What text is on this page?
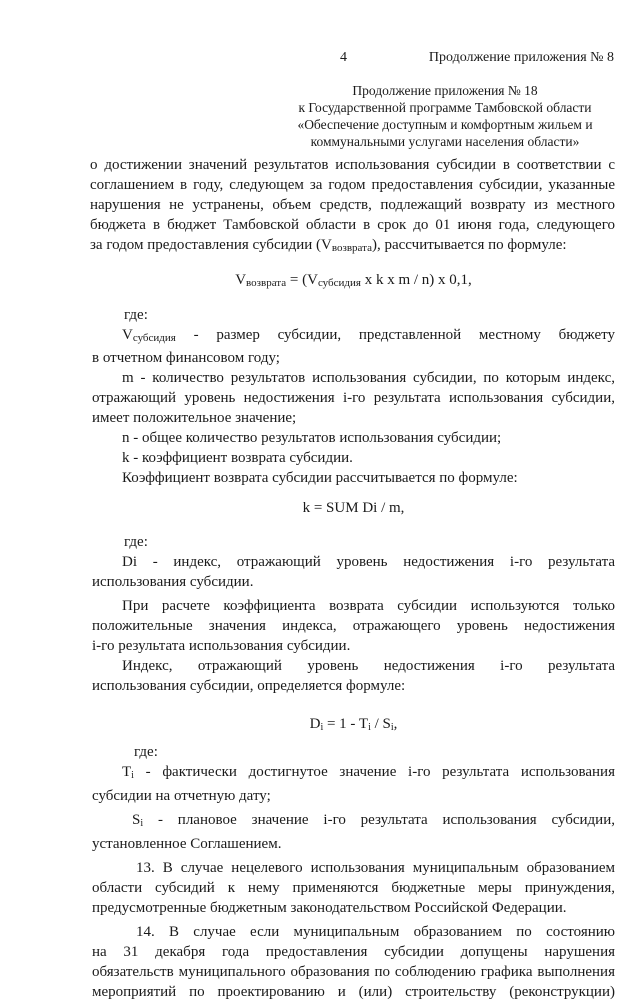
4	Продолжение приложения № 8
Продолжение приложения № 18
к Государственной программе Тамбовской области
«Обеспечение доступным и комфортным жильем и
коммунальными услугами населения области»
о достижении значений результатов использования субсидии в соответствии с
соглашением в году, следующем за годом предоставления субсидии, указанные
нарушения не устранены, объем средств, подлежащий возврату из местного
бюджета в бюджет Тамбовской области в срок до 01 июня года, следующего
за годом предоставления субсидии $(V_{возврата})$, рассчитывается по формуле:
$V_{возврата} = (V_{субсидия}$ x k x m / n) x 0,1,
где:
$V_{субсидия}$ - размер субсидии, представленной местному бюджету
в отчетном финансовом году;
m - количество результатов использования субсидии, по которым индекс,
отражающий уровень недостижения i-го результата использования субсидии,
имеет положительное значение;
n - общее количество результатов использования субсидии;
k - коэффициент возврата субсидии.
Коэффициент возврата субсидии рассчитывается по формуле:
k = SUM Di / m,
где:
Di - индекс, отражающий уровень недостижения i-го результата
использования субсидии.
При расчете коэффициента возврата субсидии используются только
положительные значения индекса, отражающего уровень недостижения
i-го результата использования субсидии.
Индекс, отражающий уровень недостижения i-го результата
использования субсидии, определяется формуле:
$D_i = 1 - T_i / S_i$,
где:
$T_i$ - фактически достигнутое значение i-го результата использования
субсидии на отчетную дату;
$S_i$ - плановое значение i-го результата использования субсидии,
установленное Соглашением.
13. В случае нецелевого использования муниципальным образованием
области субсидий к нему применяются бюджетные меры принуждения,
предусмотренные бюджетным законодательством Российской Федерации.
14. В случае если муниципальным образованием по состоянию
на 31 декабря года предоставления субсидии допущены нарушения
обязательств муниципального образования по соблюдению графика выполнения
мероприятий по проектированию и (или) строительству (реконструкции)
